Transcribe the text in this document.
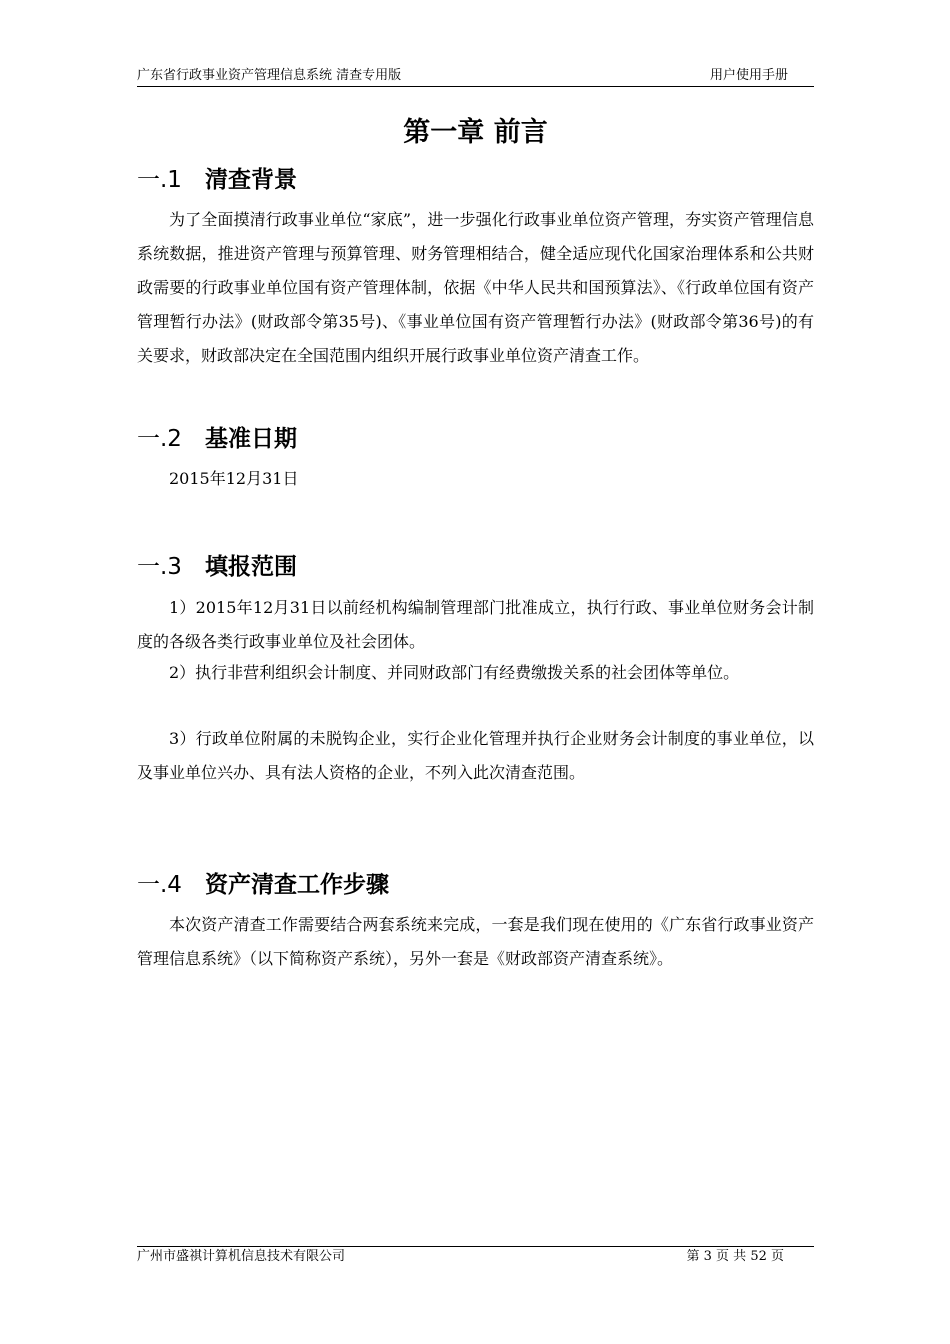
广东省行政事业资产管理信息系统 清查专用版	用户使用手册
第一章 前言
一.1 清查背景
为了全面摸清行政事业单位“家底”，进一步强化行政事业单位资产管理，夯实资产管理信息系统数据，推进资产管理与预算管理、财务管理相结合，健全适应现代化国家治理体系和公共财政需要的行政事业单位国有资产管理体制，依据《中华人民共和国预算法》、《行政单位国有资产管理暂行办法》(财政部令第35号)、《事业单位国有资产管理暂行办法》(财政部令第36号)的有关要求，财政部决定在全国范围内组织开展行政事业单位资产清查工作。
一.2 基准日期
2015年12月31日
一.3 填报范围
1）2015年12月31日以前经机构编制管理部门批准成立，执行行政、事业单位财务会计制度的各级各类行政事业单位及社会团体。
2）执行非营利组织会计制度、并同财政部门有经费缴拨关系的社会团体等单位。
3）行政单位附属的未脱钩企业，实行企业化管理并执行企业财务会计制度的事业单位，以及事业单位兴办、具有法人资格的企业，不列入此次清查范围。
一.4 资产清查工作步骤
本次资产清查工作需要结合两套系统来完成，一套是我们现在使用的《广东省行政事业资产管理信息系统》（以下简称资产系统），另外一套是《财政部资产清查系统》。
广州市盛祺计算机信息技术有限公司	第 3 页 共 52 页
